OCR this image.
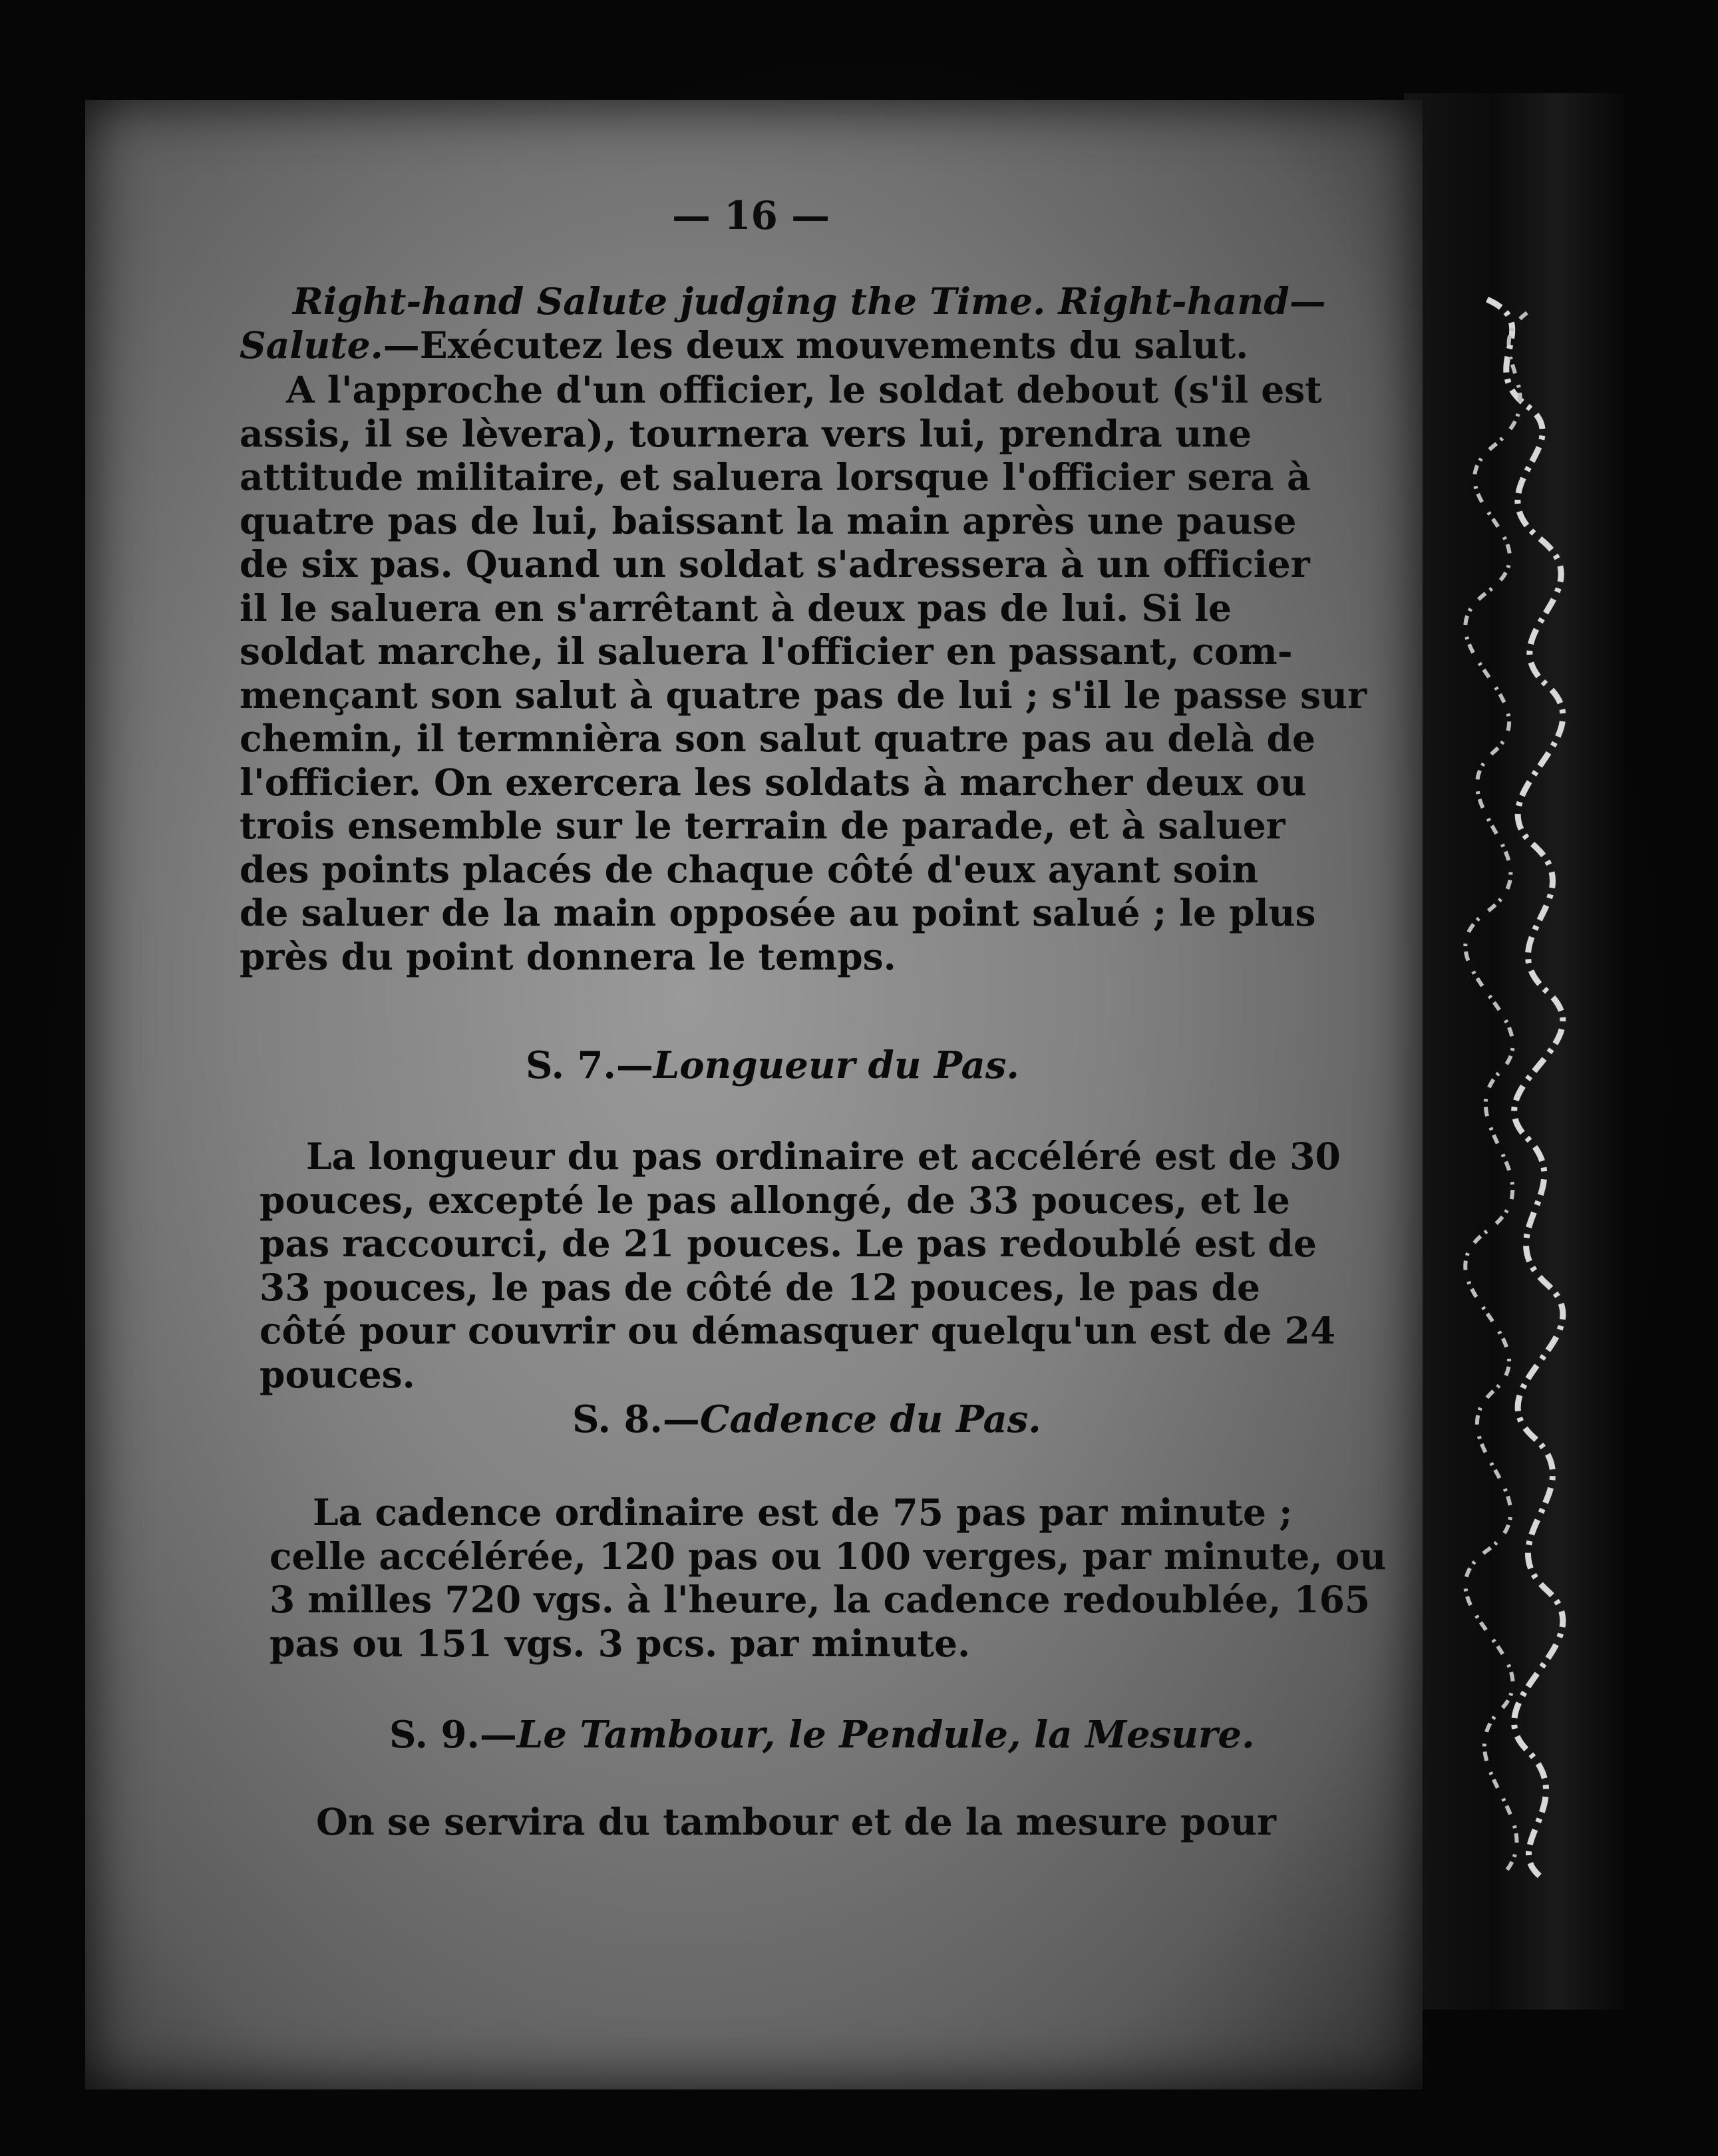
— 16 —
Right-hand Salute judging the Time. Right-hand—
Salute.—Exécutez les deux mouvements du salut.
A l'approche d'un officier, le soldat debout (s'il est
assis, il se lèvera), tournera vers lui, prendra une
attitude militaire, et saluera lorsque l'officier sera à
quatre pas de lui, baissant la main après une pause
de six pas. Quand un soldat s'adressera à un officier
il le saluera en s'arrêtant à deux pas de lui. Si le
soldat marche, il saluera l'officier en passant, com-
mençant son salut à quatre pas de lui ; s'il le passe sur
chemin, il termnièra son salut quatre pas au delà de
l'officier. On exercera les soldats à marcher deux ou
trois ensemble sur le terrain de parade, et à saluer
des points placés de chaque côté d'eux ayant soin
de saluer de la main opposée au point salué ; le plus
près du point donnera le temps.
S. 7.—Longueur du Pas.
La longueur du pas ordinaire et accéléré est de 30
pouces, excepté le pas allongé, de 33 pouces, et le
pas raccourci, de 21 pouces. Le pas redoublé est de
33 pouces, le pas de côté de 12 pouces, le pas de
côté pour couvrir ou démasquer quelqu'un est de 24
pouces.
S. 8.—Cadence du Pas.
La cadence ordinaire est de 75 pas par minute ;
celle accélérée, 120 pas ou 100 verges, par minute, ou
3 milles 720 vgs. à l'heure, la cadence redoublée, 165
pas ou 151 vgs. 3 pcs. par minute.
S. 9.—Le Tambour, le Pendule, la Mesure.
On se servira du tambour et de la mesure pour
